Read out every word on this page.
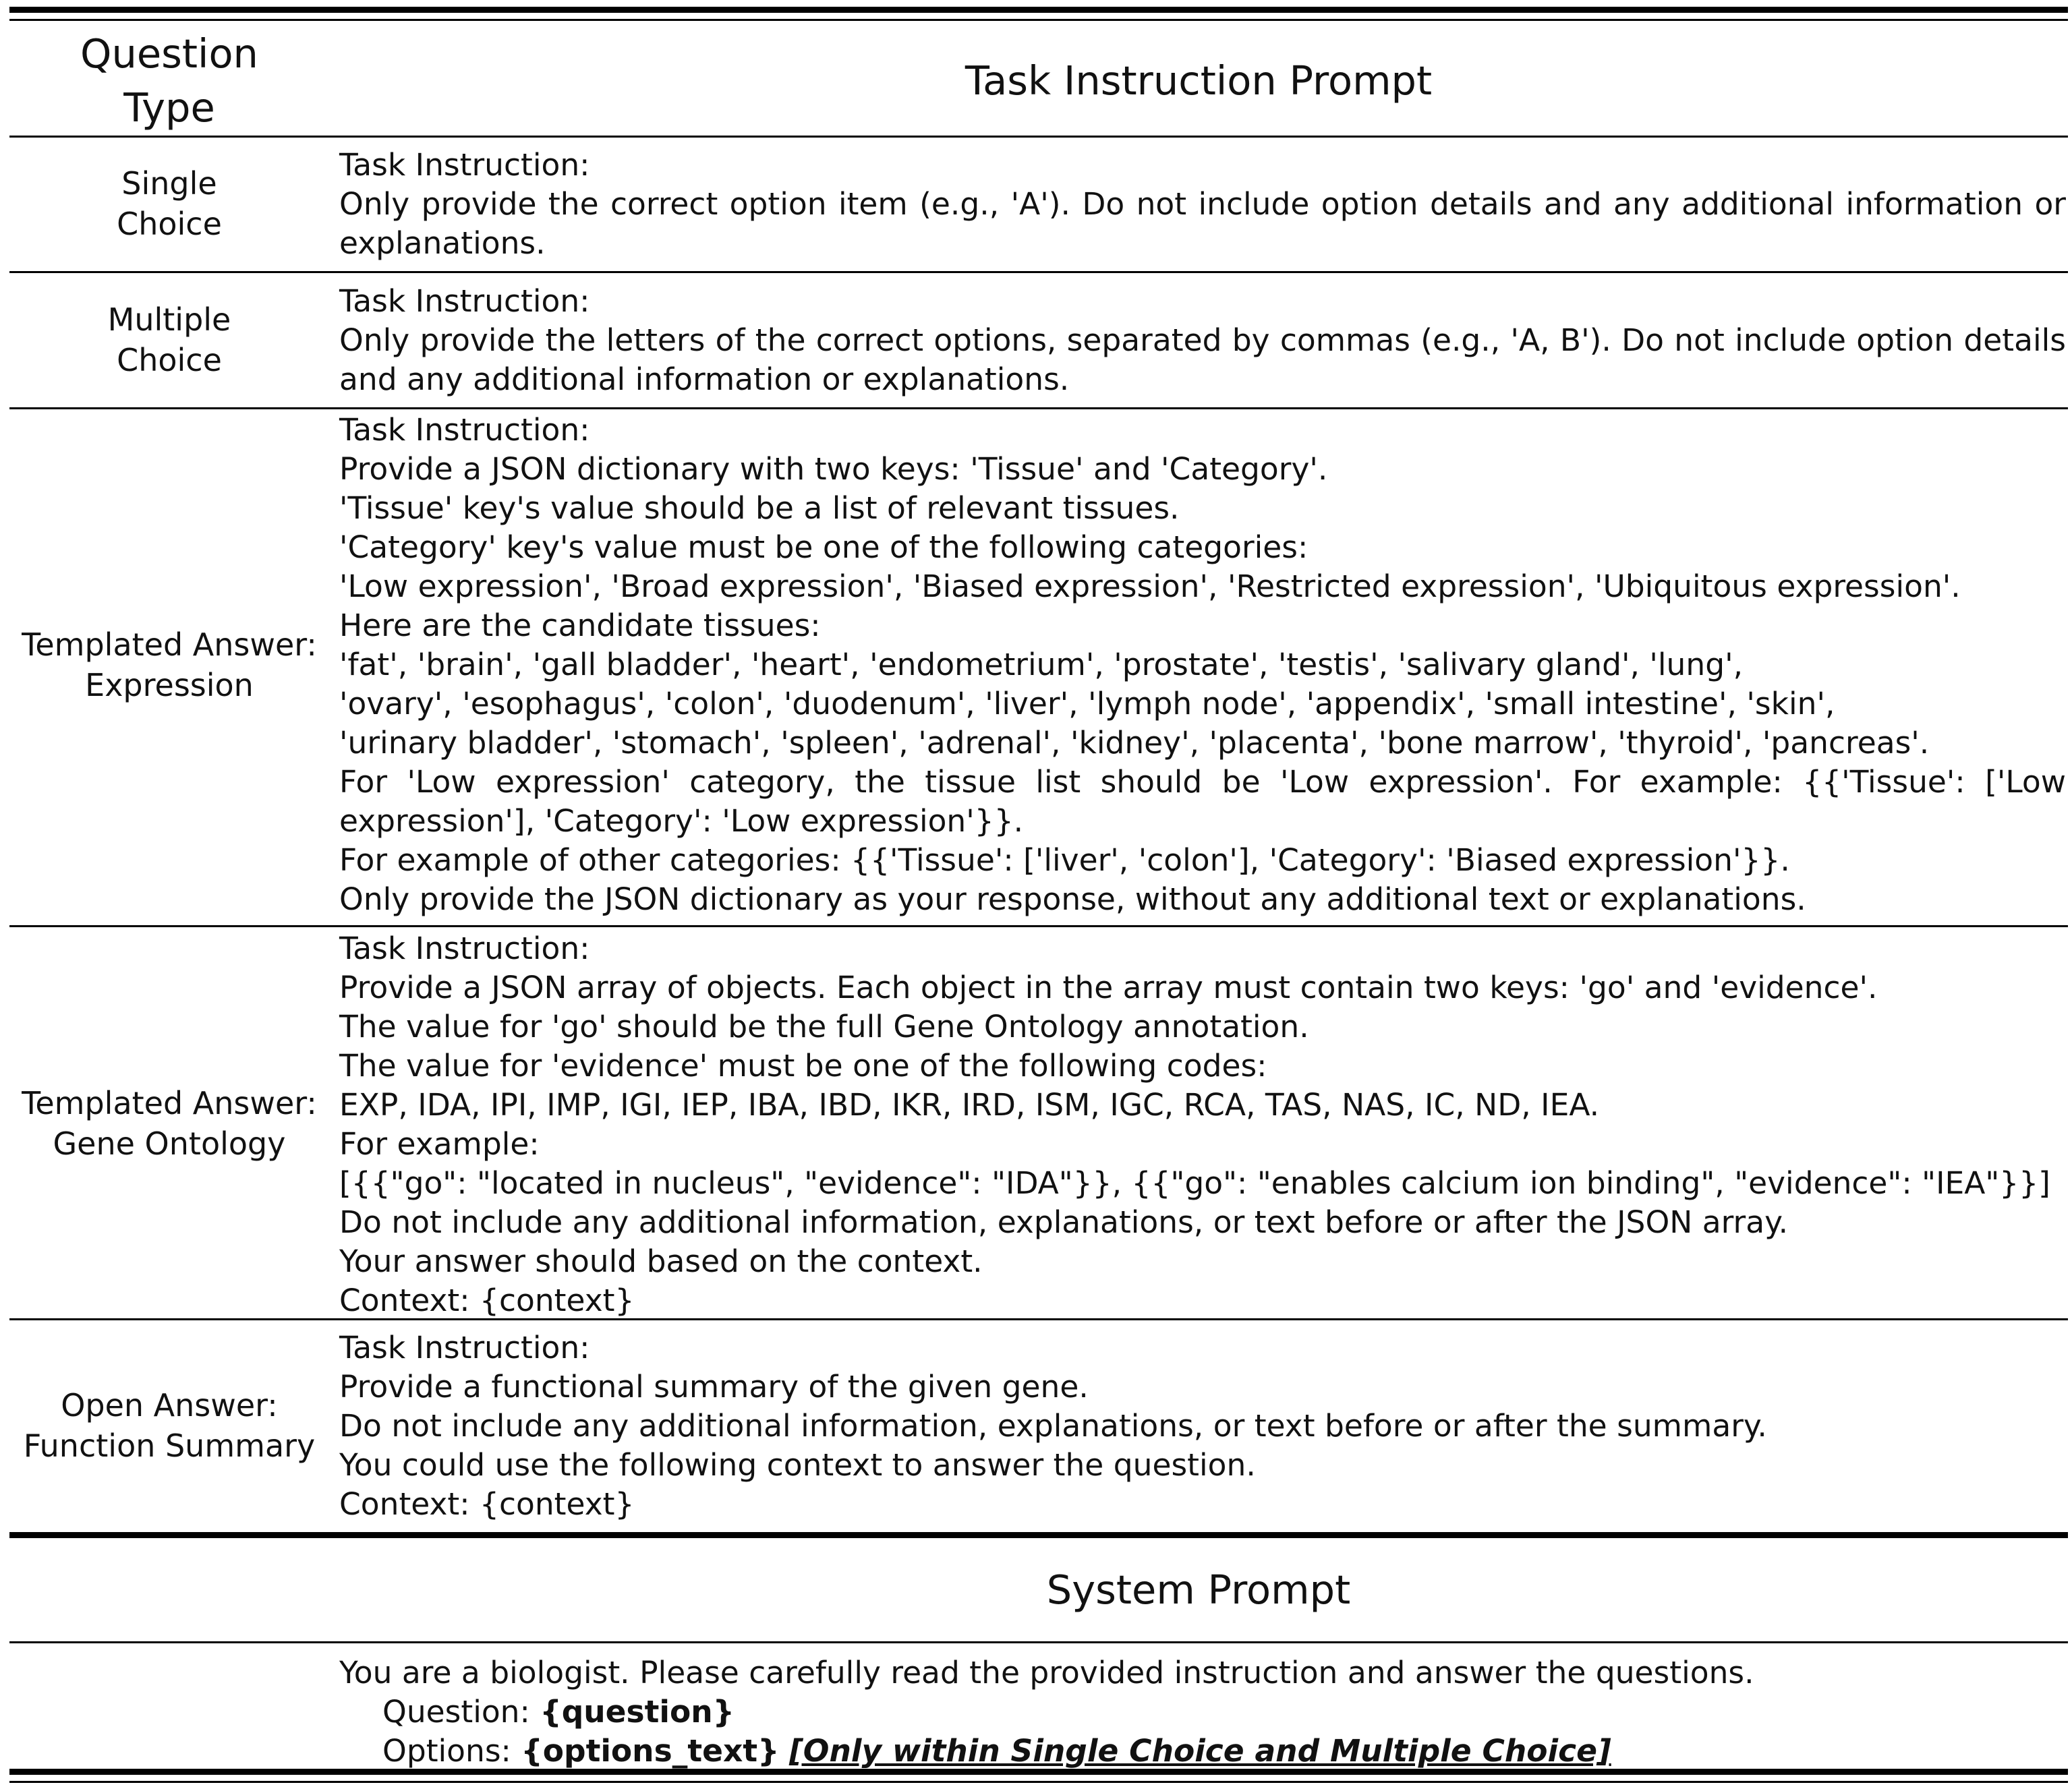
Question
Type
Task Instruction Prompt
Single
Choice
Task Instruction:
Only provide the correct option item (e.g., 'A'). Do not include option details and any additional information or
explanations.
Multiple
Choice
Task Instruction:
Only provide the letters of the correct options, separated by commas (e.g., 'A, B'). Do not include option details
and any additional information or explanations.
Templated Answer:
Expression
Task Instruction:
Provide a JSON dictionary with two keys: 'Tissue' and 'Category'.
'Tissue' key's value should be a list of relevant tissues.
'Category' key's value must be one of the following categories:
'Low expression', 'Broad expression', 'Biased expression', 'Restricted expression', 'Ubiquitous expression'.
Here are the candidate tissues:
'fat', 'brain', 'gall bladder', 'heart', 'endometrium', 'prostate', 'testis', 'salivary gland', 'lung',
'ovary', 'esophagus', 'colon', 'duodenum', 'liver', 'lymph node', 'appendix', 'small intestine', 'skin',
'urinary bladder', 'stomach', 'spleen', 'adrenal', 'kidney', 'placenta', 'bone marrow', 'thyroid', 'pancreas'.
For 'Low expression' category, the tissue list should be 'Low expression'. For example: {{'Tissue': ['Low
expression'], 'Category': 'Low expression'}}.
For example of other categories: {{'Tissue': ['liver', 'colon'], 'Category': 'Biased expression'}}.
Only provide the JSON dictionary as your response, without any additional text or explanations.
Templated Answer:
Gene Ontology
Task Instruction:
Provide a JSON array of objects. Each object in the array must contain two keys: 'go' and 'evidence'.
The value for 'go' should be the full Gene Ontology annotation.
The value for 'evidence' must be one of the following codes:
EXP, IDA, IPI, IMP, IGI, IEP, IBA, IBD, IKR, IRD, ISM, IGC, RCA, TAS, NAS, IC, ND, IEA.
For example:
[{{"go": "located in nucleus", "evidence": "IDA"}}, {{"go": "enables calcium ion binding", "evidence": "IEA"}}]
Do not include any additional information, explanations, or text before or after the JSON array.
Your answer should based on the context.
Context: {context}
Open Answer:
Function Summary
Task Instruction:
Provide a functional summary of the given gene.
Do not include any additional information, explanations, or text before or after the summary.
You could use the following context to answer the question.
Context: {context}
System Prompt
You are a biologist. Please carefully read the provided instruction and answer the questions.
Question: {question}
Options: {options_text} [Only within Single Choice and Multiple Choice]
